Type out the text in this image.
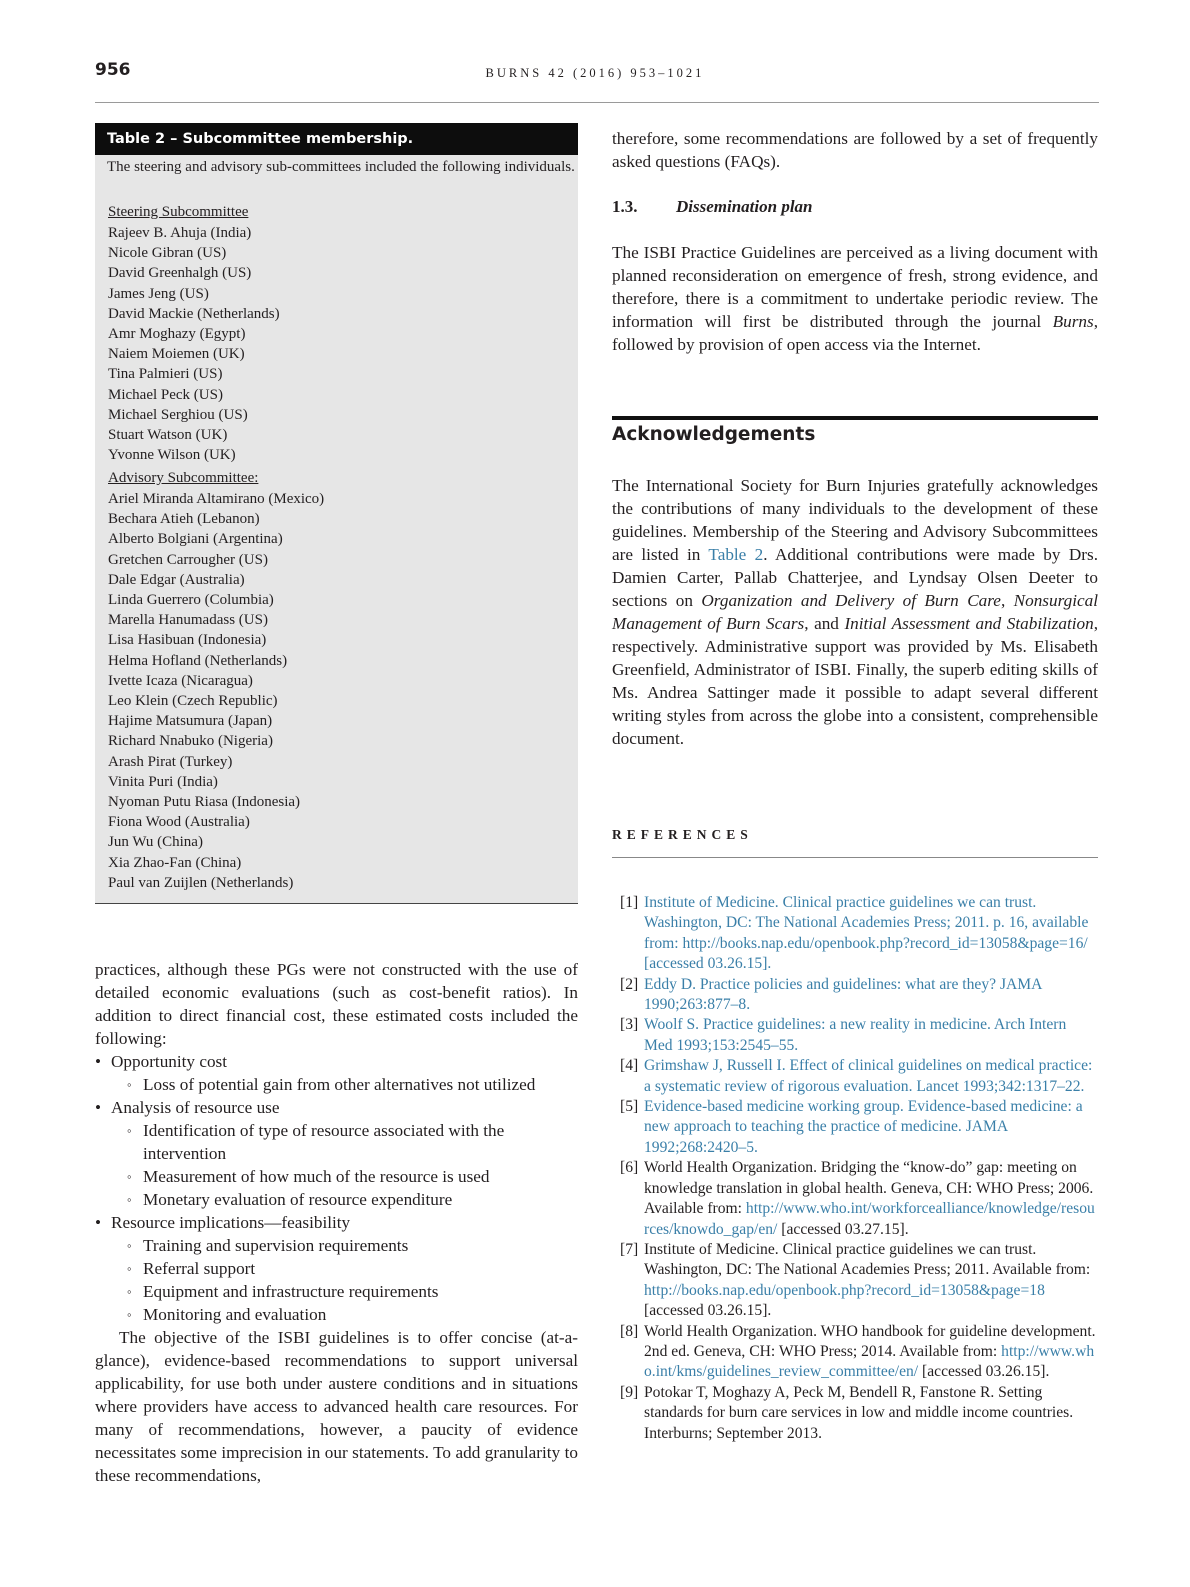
956	BURNS 42 (2016) 953–1021
Table 2 – Subcommittee membership.
The steering and advisory sub-committees included the following individuals.
Steering Subcommittee
Rajeev B. Ahuja (India)
Nicole Gibran (US)
David Greenhalgh (US)
James Jeng (US)
David Mackie (Netherlands)
Amr Moghazy (Egypt)
Naiem Moiemen (UK)
Tina Palmieri (US)
Michael Peck (US)
Michael Serghiou (US)
Stuart Watson (UK)
Yvonne Wilson (UK)
Advisory Subcommittee:
Ariel Miranda Altamirano (Mexico)
Bechara Atieh (Lebanon)
Alberto Bolgiani (Argentina)
Gretchen Carrougher (US)
Dale Edgar (Australia)
Linda Guerrero (Columbia)
Marella Hanumadass (US)
Lisa Hasibuan (Indonesia)
Helma Hofland (Netherlands)
Ivette Icaza (Nicaragua)
Leo Klein (Czech Republic)
Hajime Matsumura (Japan)
Richard Nnabuko (Nigeria)
Arash Pirat (Turkey)
Vinita Puri (India)
Nyoman Putu Riasa (Indonesia)
Fiona Wood (Australia)
Jun Wu (China)
Xia Zhao-Fan (China)
Paul van Zuijlen (Netherlands)

practices, although these PGs were not constructed with the use of detailed economic evaluations (such as cost-benefit ratios). In addition to direct financial cost, these estimated costs included the following:

• Opportunity cost
◦ Loss of potential gain from other alternatives not utilized
• Analysis of resource use
◦ Identification of type of resource associated with the intervention
◦ Measurement of how much of the resource is used
◦ Monetary evaluation of resource expenditure
• Resource implications—feasibility
◦ Training and supervision requirements
◦ Referral support
◦ Equipment and infrastructure requirements
◦ Monitoring and evaluation

The objective of the ISBI guidelines is to offer concise (at-a-glance), evidence-based recommendations to support universal applicability, for use both under austere conditions and in situations where providers have access to advanced health care resources. For many of recommendations, however, a paucity of evidence necessitates some imprecision in our statements. To add granularity to these recommendations,

therefore, some recommendations are followed by a set of frequently asked questions (FAQs).

1.3. Dissemination plan

The ISBI Practice Guidelines are perceived as a living document with planned reconsideration on emergence of fresh, strong evidence, and therefore, there is a commitment to undertake periodic review. The information will first be distributed through the journal Burns, followed by provision of open access via the Internet.

Acknowledgements

The International Society for Burn Injuries gratefully acknowledges the contributions of many individuals to the development of these guidelines. Membership of the Steering and Advisory Subcommittees are listed in Table 2. Additional contributions were made by Drs. Damien Carter, Pallab Chatterjee, and Lyndsay Olsen Deeter to sections on Organization and Delivery of Burn Care, Nonsurgical Management of Burn Scars, and Initial Assessment and Stabilization, respectively. Administrative support was provided by Ms. Elisabeth Greenfield, Administrator of ISBI. Finally, the superb editing skills of Ms. Andrea Sattinger made it possible to adapt several different writing styles from across the globe into a consistent, comprehensible document.

REFERENCES
[1] Institute of Medicine. Clinical practice guidelines we can trust. Washington, DC: The National Academies Press; 2011. p. 16, available from: http://books.nap.edu/openbook.php?record_id=13058&page=16/ [accessed 03.26.15].
[2] Eddy D. Practice policies and guidelines: what are they? JAMA 1990;263:877–8.
[3] Woolf S. Practice guidelines: a new reality in medicine. Arch Intern Med 1993;153:2545–55.
[4] Grimshaw J, Russell I. Effect of clinical guidelines on medical practice: a systematic review of rigorous evaluation. Lancet 1993;342:1317–22.
[5] Evidence-based medicine working group. Evidence-based medicine: a new approach to teaching the practice of medicine. JAMA 1992;268:2420–5.
[6] World Health Organization. Bridging the “know-do” gap: meeting on knowledge translation in global health. Geneva, CH: WHO Press; 2006. Available from: http://www.who.int/workforcealliance/knowledge/resources/knowdo_gap/en/ [accessed 03.27.15].
[7] Institute of Medicine. Clinical practice guidelines we can trust. Washington, DC: The National Academies Press; 2011. Available from: http://books.nap.edu/openbook.php?record_id=13058&page=18 [accessed 03.26.15].
[8] World Health Organization. WHO handbook for guideline development. 2nd ed. Geneva, CH: WHO Press; 2014. Available from: http://www.who.int/kms/guidelines_review_committee/en/ [accessed 03.26.15].
[9] Potokar T, Moghazy A, Peck M, Bendell R, Fanstone R. Setting standards for burn care services in low and middle income countries. Interburns; September 2013.
